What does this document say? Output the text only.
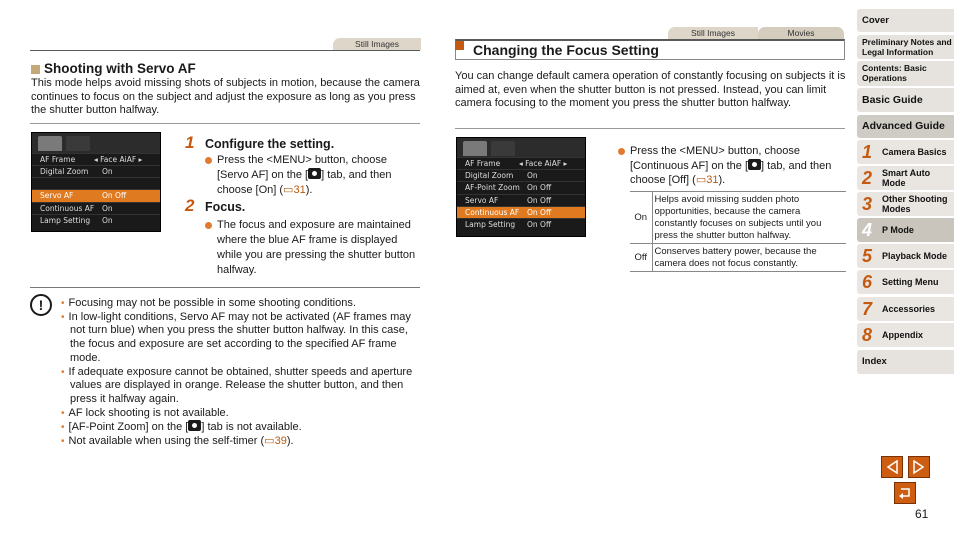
Still Images
Shooting with Servo AF
This mode helps avoid missing shots of subjects in motion, because the camera continues to focus on the subject and adjust the exposure as long as you press the shutter button halfway.
AF Frame	◂ Face AiAF ▸
Digital Zoom On
Servo AF	On Off
Continuous AF On
Lamp Setting On
1 Configure the setting.
Press the <MENU> button, choose [Servo AF] on the [ ] tab, and then choose [On] (▭31).
2 Focus.
The focus and exposure are maintained where the blue AF frame is displayed while you are pressing the shutter button halfway.
!	• Focusing may not be possible in some shooting conditions.
• In low-light conditions, Servo AF may not be activated (AF frames may not turn blue) when you press the shutter button halfway. In this case, the focus and exposure are set according to the specified AF frame mode.
• If adequate exposure cannot be obtained, shutter speeds and aperture values are displayed in orange. Release the shutter button, and then press it halfway again.
• AF lock shooting is not available.
• [AF-Point Zoom] on the [ ] tab is not available.
• Not available when using the self-timer (▭39).
Still Images	Movies
Changing the Focus Setting
You can change default camera operation of constantly focusing on subjects it is aimed at, even when the shutter button is not pressed. Instead, you can limit camera focusing to the moment you press the shutter button halfway.
AF Frame	◂ Face AiAF ▸
Digital Zoom On
AF-Point Zoom On Off
Servo AF	On Off
Continuous AF On Off
Lamp Setting On Off
Press the <MENU> button, choose [Continuous AF] on the [ ] tab, and then choose [Off] (▭31).
On	Helps avoid missing sudden photo opportunities, because the camera constantly focuses on subjects until you press the shutter button halfway.
Off	Conserves battery power, because the camera does not focus constantly.
Cover
Preliminary Notes and Legal Information
Contents: Basic Operations
Basic Guide
Advanced Guide
1	Camera Basics
2	Smart Auto Mode
3	Other Shooting Modes
4	P Mode
5	Playback Mode
6	Setting Menu
7	Accessories
8	Appendix
Index
61
